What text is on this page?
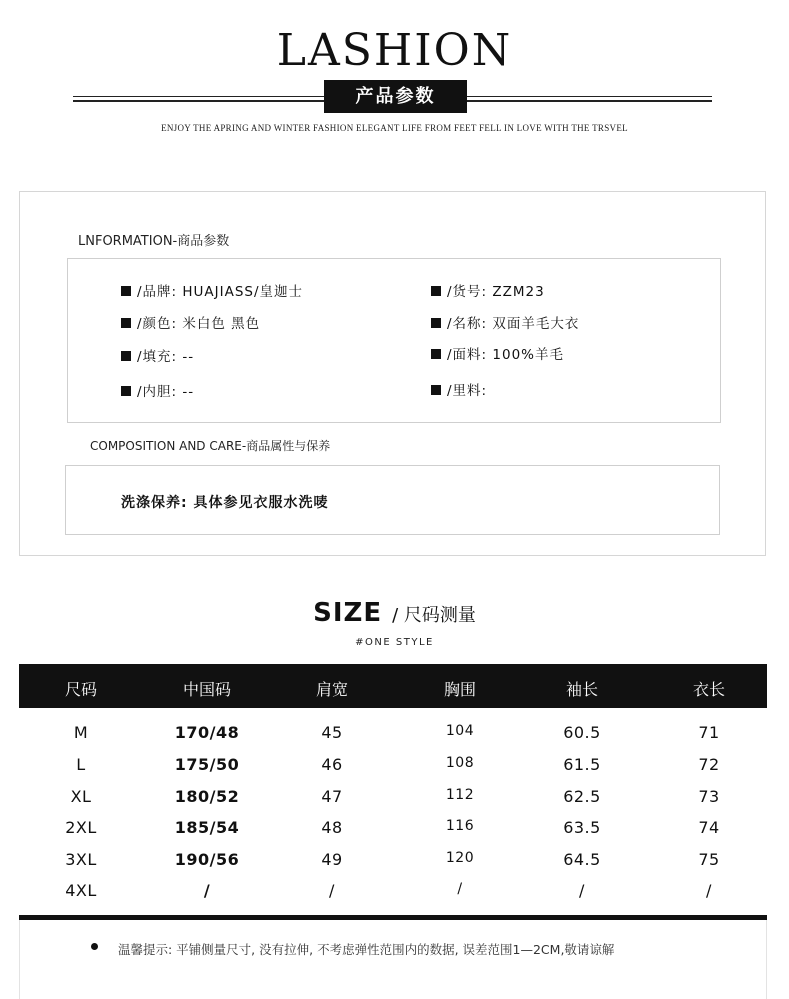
LASHION
产品参数
ENJOY THE APRING AND WINTER FASHION ELEGANT LIFE FROM FEET FELL IN LOVE WITH THE TRSVEL
LNFORMATION-商品参数
/品牌: HUAJIASS/皇迦士
/颜色: 米白色 黑色
/填充: --
/内胆: --
/货号: ZZM23
/名称: 双面羊毛大衣
/面料: 100%羊毛
/里料:
COMPOSITION AND CARE-商品属性与保养
洗涤保养: 具体参见衣服水洗唛
SIZE / 尺码测量
#ONE STYLE
尺码	中国码	肩宽	胸围	袖长	衣长
M	170/48	45	104	60.5	71
L	175/50	46	108	61.5	72
XL	180/52	47	112	62.5	73
2XL	185/54	48	116	63.5	74
3XL	190/56	49	120	64.5	75
4XL	/	/	/	/	/
温馨提示: 平铺侧量尺寸, 没有拉伸, 不考虑弹性范围内的数据, 误差范围1—2CM,敬请谅解
